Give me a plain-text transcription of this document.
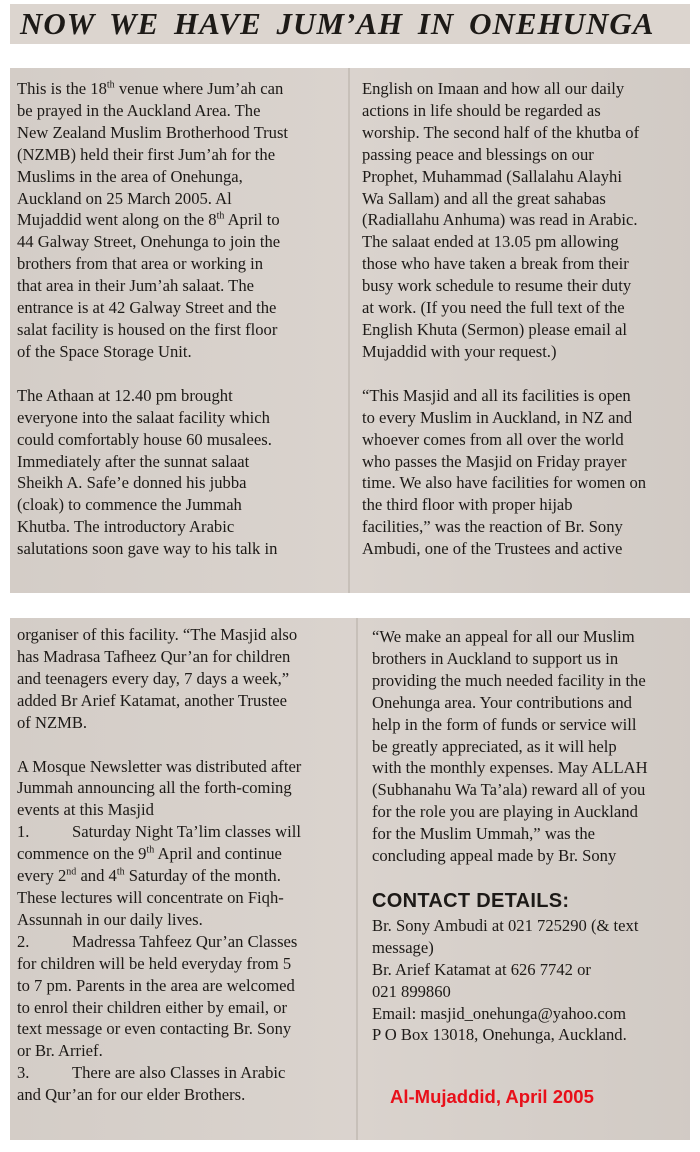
NOW WE HAVE JUM’AH IN ONEHUNGA

This is the 18th venue where Jum’ah can

be prayed in the Auckland Area. The

New Zealand Muslim Brotherhood Trust

(NZMB) held their first Jum’ah for the

Muslims in the area of Onehunga,

Auckland on 25 March 2005. Al

Mujaddid went along on the 8th April to

44 Galway Street, Onehunga to join the

brothers from that area or working in

that area in their Jum’ah salaat. The

entrance is at 42 Galway Street and the

salat facility is housed on the first floor

of the Space Storage Unit.

The Athaan at 12.40 pm brought

everyone into the salaat facility which

could comfortably house 60 musalees.

Immediately after the sunnat salaat

Sheikh A. Safe’e donned his jubba

(cloak) to commence the Jummah

Khutba. The introductory Arabic

salutations soon gave way to his talk in

English on Imaan and how all our daily

actions in life should be regarded as

worship. The second half of the khutba of

passing peace and blessings on our

Prophet, Muhammad (Sallalahu Alayhi

Wa Sallam) and all the great sahabas

(Radiallahu Anhuma) was read in Arabic.

The salaat ended at 13.05 pm allowing

those who have taken a break from their

busy work schedule to resume their duty

at work. (If you need the full text of the

English Khuta (Sermon) please email al

Mujaddid with your request.)

“This Masjid and all its facilities is open

to every Muslim in Auckland, in NZ and

whoever comes from all over the world

who passes the Masjid on Friday prayer

time. We also have facilities for women on

the third floor with proper hijab

facilities,” was the reaction of Br. Sony

Ambudi, one of the Trustees and active

organiser of this facility. “The Masjid also

has Madrasa Tafheez Qur’an for children

and teenagers every day, 7 days a week,”

added Br Arief Katamat, another Trustee

of NZMB.

A Mosque Newsletter was distributed after

Jummah announcing all the forth-coming

events at this Masjid

1.	Saturday Night Ta’lim classes will

commence on the 9th April and continue

every 2nd and 4th Saturday of the month.

These lectures will concentrate on Fiqh-

Assunnah in our daily lives.

2.	Madressa Tahfeez Qur’an Classes

for children will be held everyday from 5

to 7 pm. Parents in the area are welcomed

to enrol their children either by email, or

text message or even contacting Br. Sony

or Br. Arrief.

3.	There are also Classes in Arabic

and Qur’an for our elder Brothers.

“We make an appeal for all our Muslim

brothers in Auckland to support us in

providing the much needed facility in the

Onehunga area. Your contributions and

help in the form of funds or service will

be greatly appreciated, as it will help

with the monthly expenses. May ALLAH

(Subhanahu Wa Ta’ala) reward all of you

for the role you are playing in Auckland

for the Muslim Ummah,” was the

concluding appeal made by Br. Sony

CONTACT DETAILS:

Br. Sony Ambudi at 021 725290 (& text

message)

Br. Arief Katamat at 626 7742 or

021 899860

Email: masjid_onehunga@yahoo.com

P O Box 13018, Onehunga, Auckland.

Al-Mujaddid, April 2005
